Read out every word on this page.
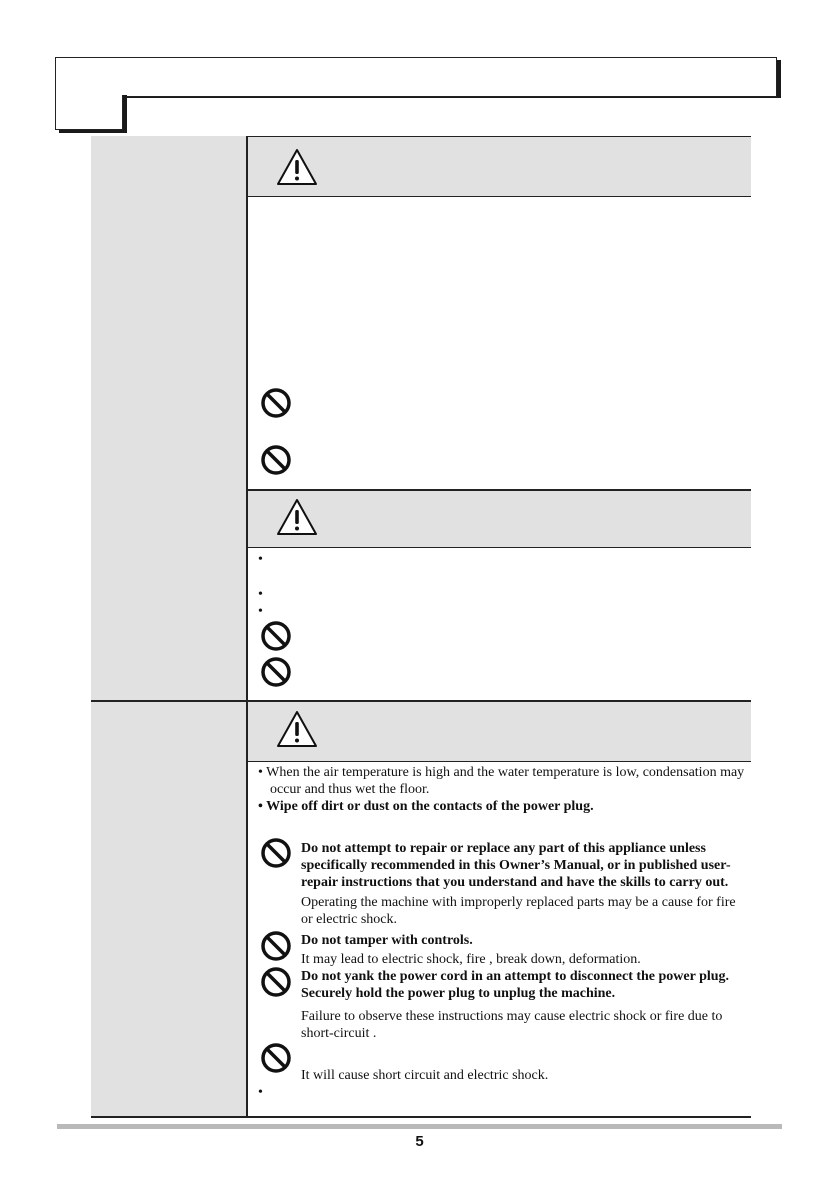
•
•
•
• When the air temperature is high and the water temperature is low, condensation may
occur and thus wet the floor.
• Wipe off dirt or dust on the contacts of the power plug.
Do not attempt to repair or replace any part of this appliance unless specifically recommended in this Owner’s Manual, or in published user-repair instructions that you understand and have the skills to carry out.
Operating the machine with improperly replaced parts may be a cause for fire or electric shock.
Do not tamper with controls.
It may lead to electric shock, fire , break down, deformation.
Do not yank the power cord in an attempt to disconnect the power plug. Securely hold the power plug to unplug the machine.
Failure to observe these instructions may cause electric shock or fire due to short-circuit .
It will cause short circuit and electric shock.
•
5
